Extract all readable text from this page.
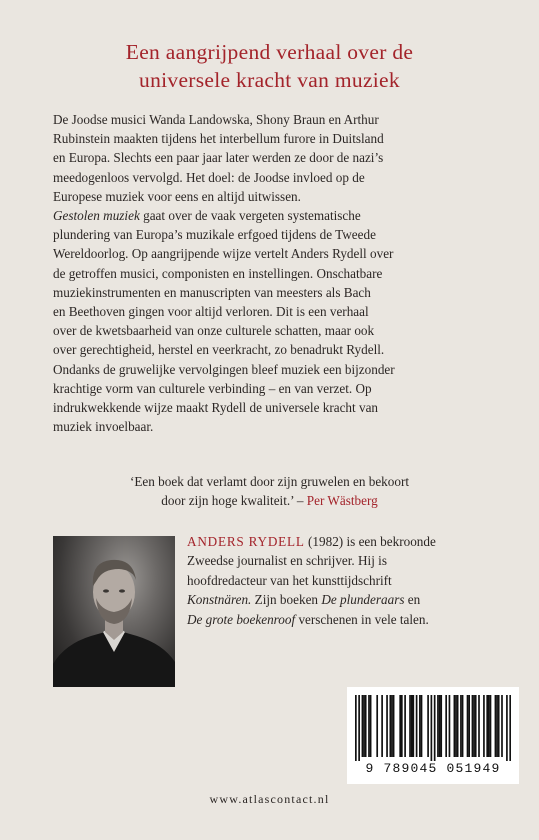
Een aangrijpend verhaal over de
universele kracht van muziek
De Joodse musici Wanda Landowska, Shony Braun en Arthur
Rubinstein maakten tijdens het interbellum furore in Duitsland
en Europa. Slechts een paar jaar later werden ze door de nazi’s
meedogenloos vervolgd. Het doel: de Joodse invloed op de
Europese muziek voor eens en altijd uitwissen.
Gestolen muziek gaat over de vaak vergeten systematische
plundering van Europa’s muzikale erfgoed tijdens de Tweede
Wereldoorlog. Op aangrijpende wijze vertelt Anders Rydell over
de getroffen musici, componisten en instellingen. Onschatbare
muziekinstrumenten en manuscripten van meesters als Bach
en Beethoven gingen voor altijd verloren. Dit is een verhaal
over de kwetsbaarheid van onze culturele schatten, maar ook
over gerechtigheid, herstel en veerkracht, zo benadrukt Rydell.
Ondanks de gruwelijke vervolgingen bleef muziek een bijzonder
krachtige vorm van culturele verbinding – en van verzet. Op
indrukwekkende wijze maakt Rydell de universele kracht van
muziek invoelbaar.
‘Een boek dat verlamt door zijn gruwelen en bekoort
door zijn hoge kwaliteit.’ – Per Wästberg
ANDERS RYDELL (1982) is een bekroonde
Zweedse journalist en schrijver. Hij is
hoofdredacteur van het kunsttijdschrift
Konstnären. Zijn boeken De plunderaars en
De grote boekenroof verschenen in vele talen.
9 789045 051949
www.atlascontact.nl
